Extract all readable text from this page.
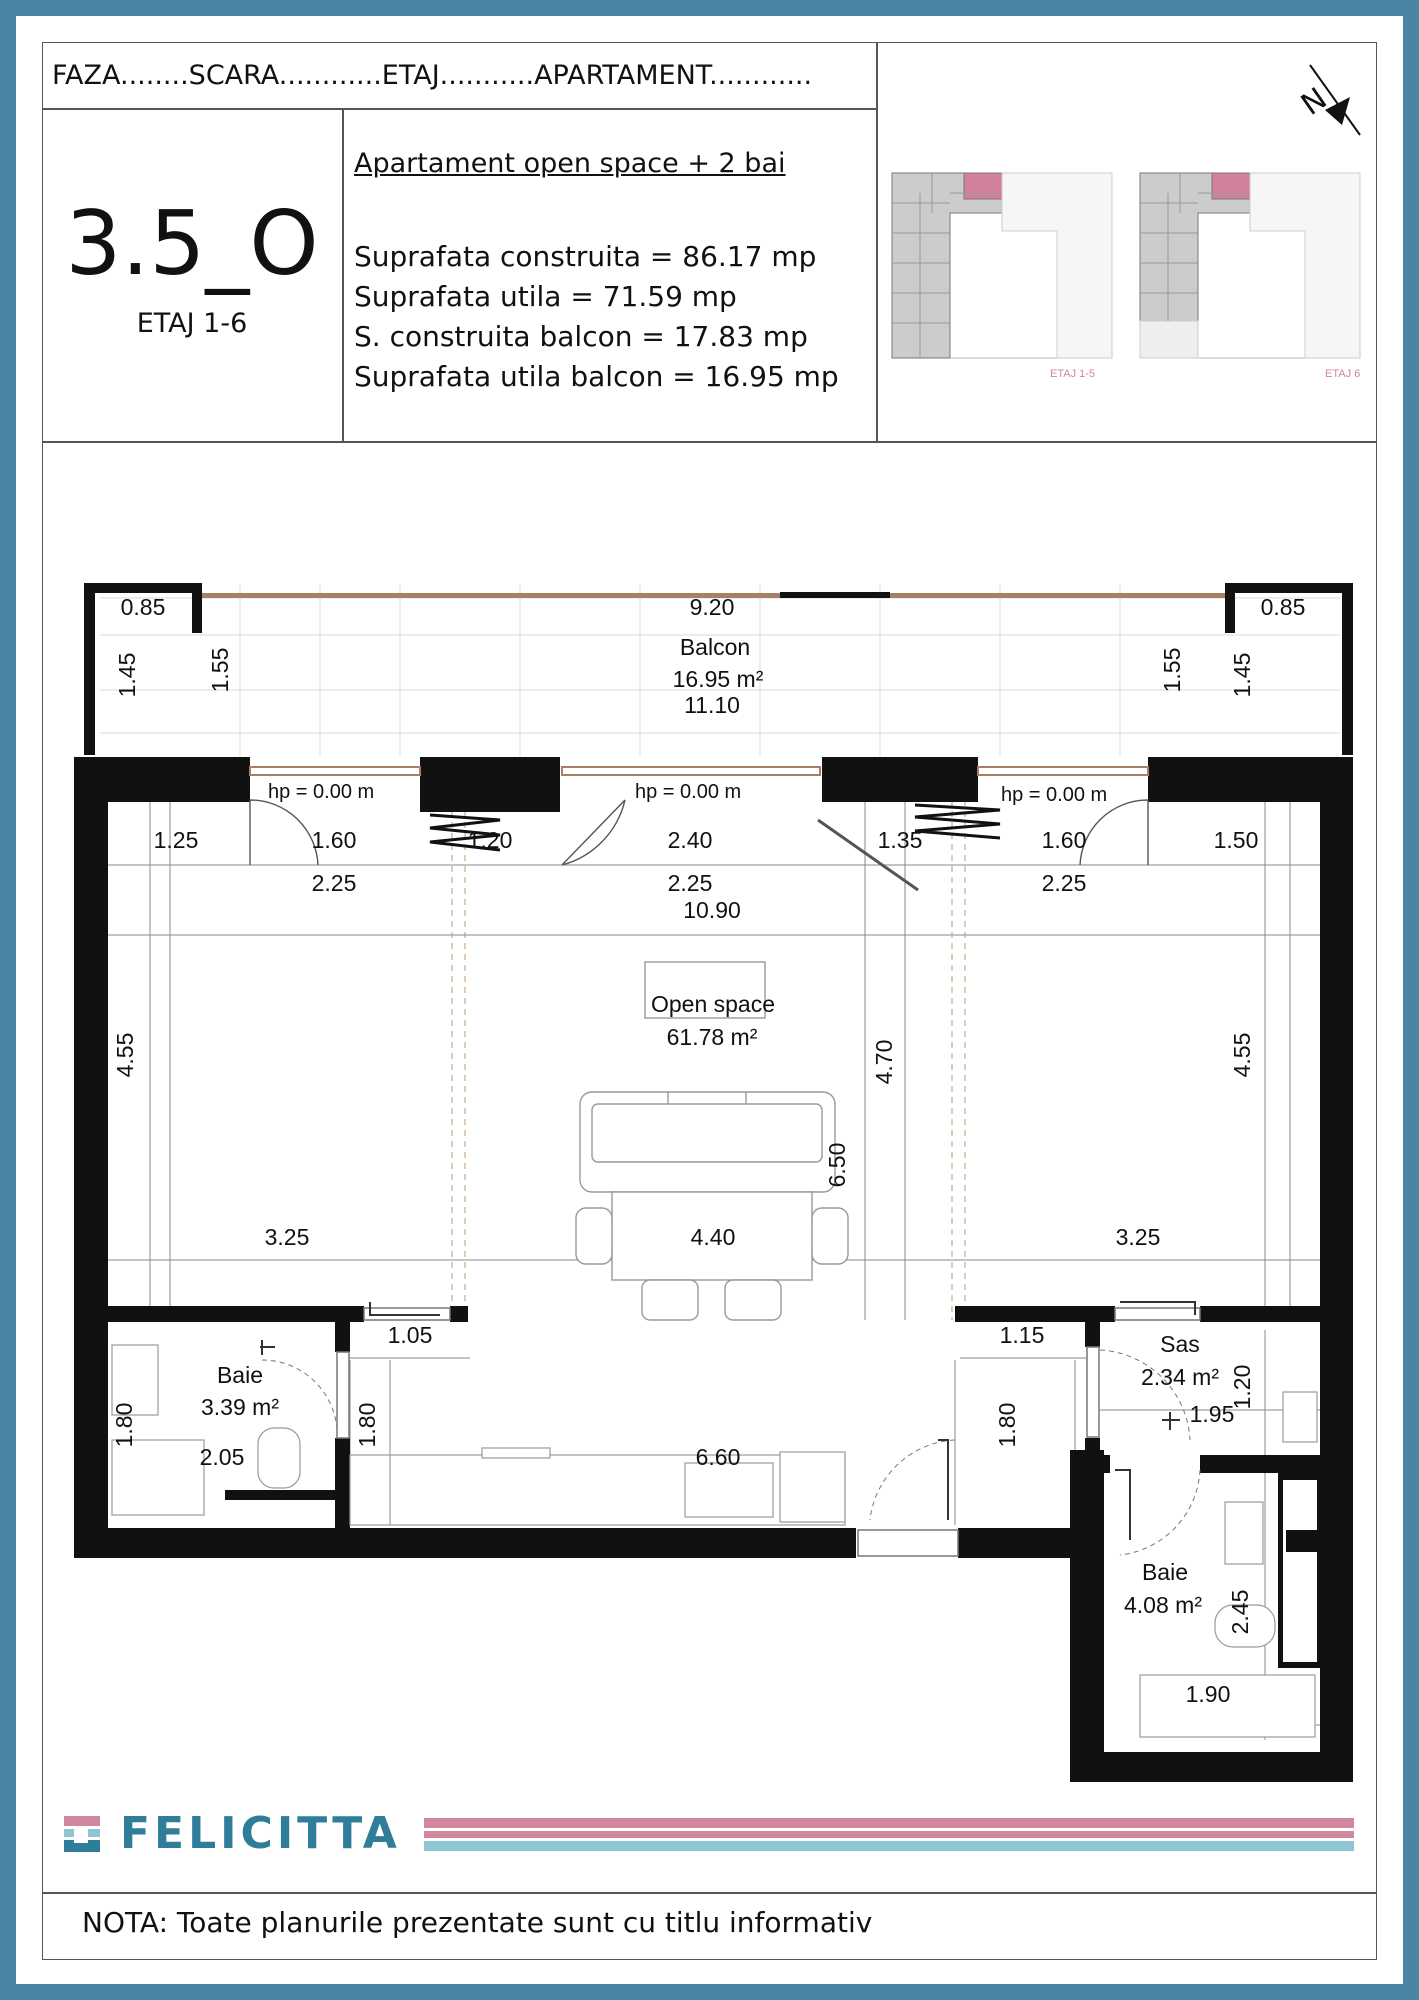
FAZA........SCARA............ETAJ...........APARTAMENT............
3.5_O
ETAJ 1-6
Apartament open space + 2 bai
Suprafata construita = 86.17 mp
Suprafata utila = 71.59 mp
S. construita balcon = 17.83 mp
Suprafata utila balcon = 16.95 mp
N
ETAJ 1-5	ETAJ 6
Balcon
16.95 m²
11.10
Open space
61.78 m²
Baie
3.39 m²
Sas
2.34 m²
Baie
4.08 m²
0.85	9.20	0.85
1.45	1.55	1.55 1.45
hp = 0.00 m	hp = 0.00 m	hp = 0.00 m
1.25	1.60	1.20	2.40	1.35	1.60	1.50
2.25	2.25	2.25
10.90
4.55	4.70	4.55
6.50
3.25	4.40	3.25
1.05	1.15
1.80
2.05
1.80
6.60
1.80	1.95
1.20
2.45
1.90
FELICITTA
NOTA: Toate planurile prezentate sunt cu titlu informativ
